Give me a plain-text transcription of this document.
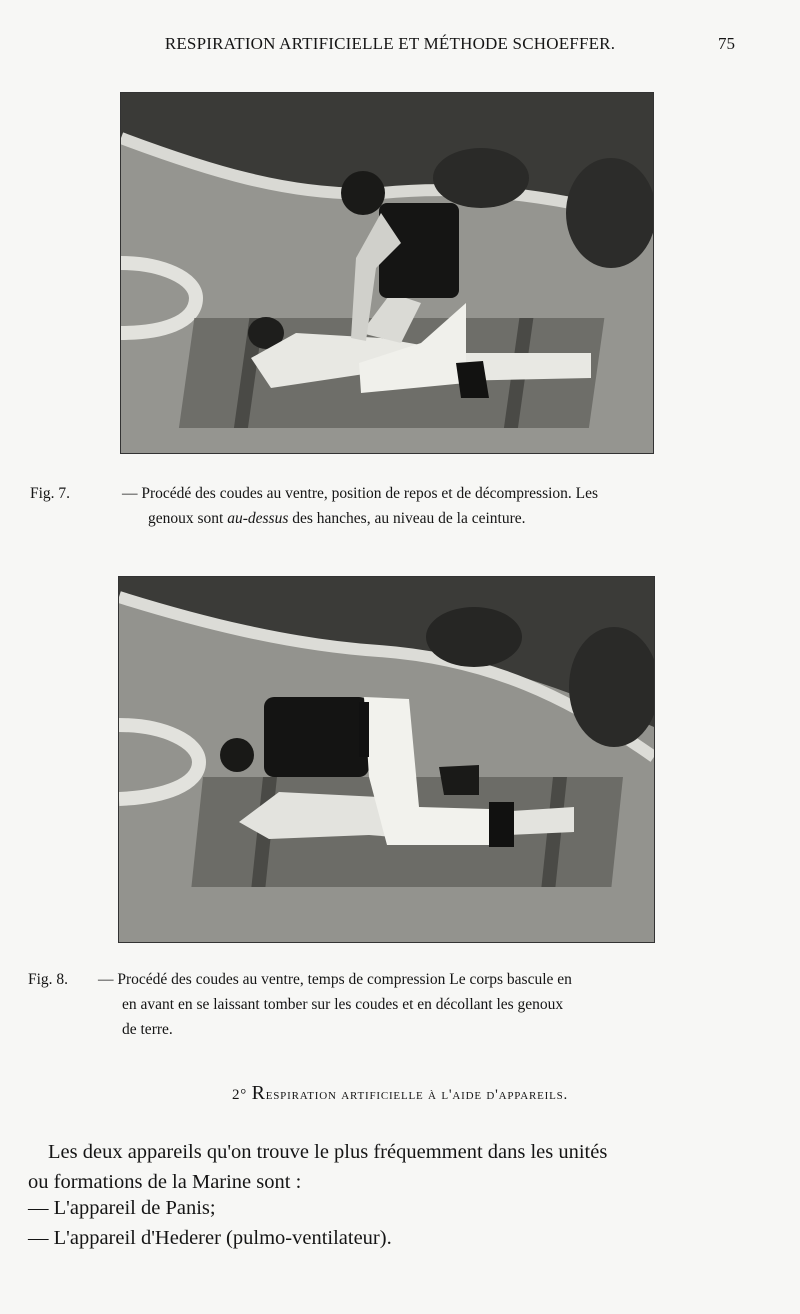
RESPIRATION ARTIFICIELLE ET MÉTHODE SCHOEFFER.	75
Fig. 7.	— Procédé des coudes au ventre, position de repos et de décompression. Les
genoux sont au-dessus des hanches, au niveau de la ceinture.
Fig. 8. — Procédé des coudes au ventre, temps de compression Le corps bascule en
en avant en se laissant tomber sur les coudes et en décollant les genoux
de terre.
2° Respiration artificielle à l'aide d'appareils.
Les deux appareils qu'on trouve le plus fréquemment dans les unités
ou formations de la Marine sont :
— L'appareil de Panis;
— L'appareil d'Hederer (pulmo-ventilateur).
